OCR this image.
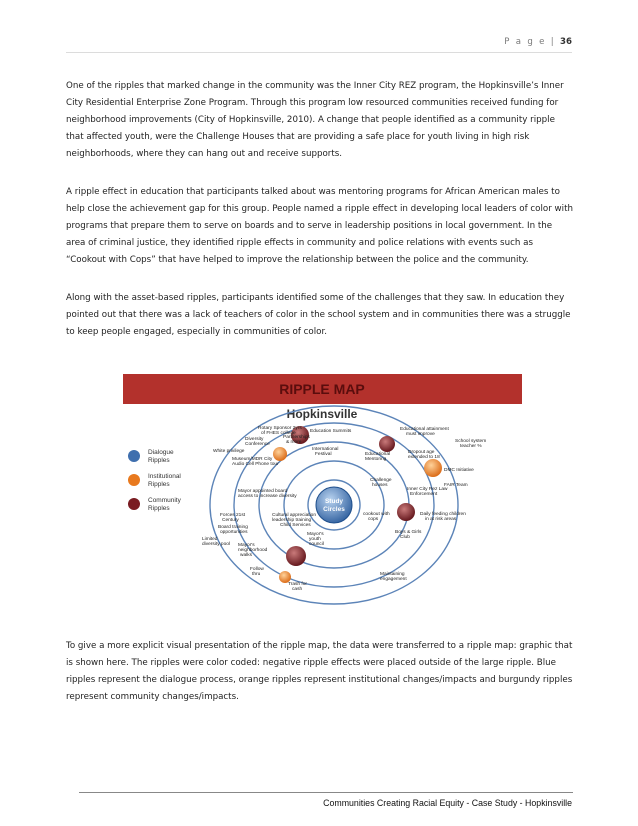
P a g e | 36

One of the ripples that marked change in the community was the Inner City REZ program, the Hopkinsville’s Inner City Residential Enterprise Zone Program. Through this program low resourced communities received funding for neighborhood improvements (City of Hopkinsville, 2010). A change that people identified as a community ripple that affected youth, were the Challenge Houses that are providing a safe place for youth living in high risk neighborhoods, where they can hang out and receive supports.

A ripple effect in education that participants talked about was mentoring programs for African American males to help close the achievement gap for this group. People named a ripple effect in developing local leaders of color with programs that prepare them to serve on boards and to serve in leadership positions in local government. In the area of criminal justice, they identified ripple effects in community and police relations with events such as “Cookout with Cops” that have helped to improve the relationship between the police and the community.

Along with the asset-based ripples, participants identified some of the challenges that they saw. In education they pointed out that there was a lack of teachers of color in the school system and in communities there was a struggle to keep people engaged, especially in communities of color.

RIPPLE MAP
Hopkinsville
Study
Circles
Dialogue
Ripples
Institutional
Ripples
Community
Ripples
Rotary Sponsor 2yrs
of FHES college	Education Summits
Diversity
Conference
Partnerships
& more
International
Festival
White privilege
Museum/MDR City
Audio Cell Phone tour
Educational
Mentoring
Educational attainment
must improve
School system
teacher %
Dropout age
extended to 18
DMC Initiative
FAIR Team
Challenge
houses
Inner City Rez Law
Enforcement
Mayor appointed board
access to increase diversity
Cultural appreciation
leadership training
Child Services
Forces 21st
Century
Board training
opportunities
Limited
diversity pool
Mayor's
youth
council
Mayor's
neighborhood
walks
Follow
thru
cookout with
cops
Boys & Girls
Club
Daily feeding children
in at risk areas
Trash for
cash
Maintaining
engagement

To give a more explicit visual presentation of the ripple map, the data were transferred to a ripple map: graphic that is shown here. The ripples were color coded: negative ripple effects were placed outside of the large ripple. Blue ripples represent the dialogue process, orange ripples represent institutional changes/impacts and burgundy ripples represent community changes/impacts.

Communities Creating Racial Equity - Case Study - Hopkinsville
